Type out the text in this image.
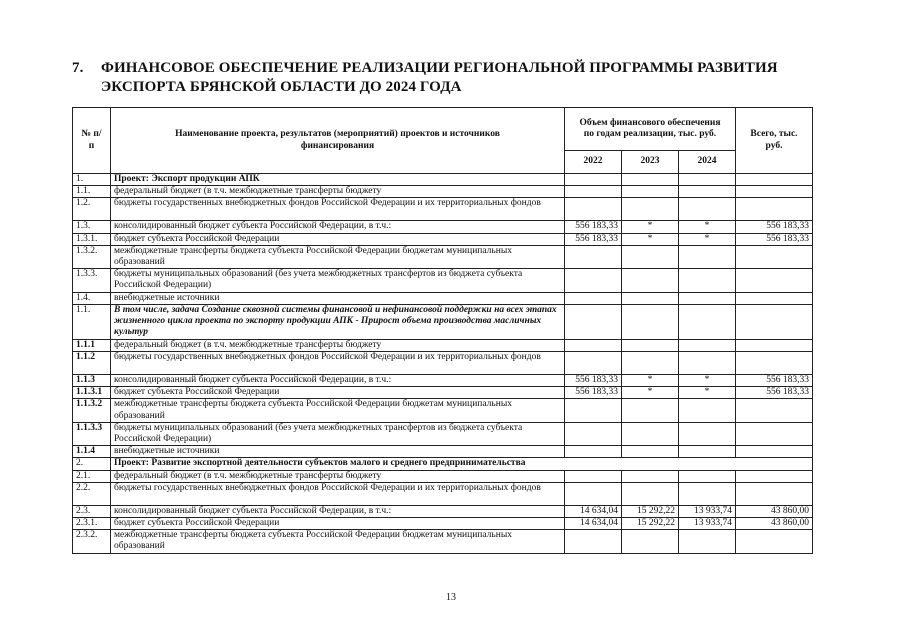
7. ФИНАНСОВОЕ ОБЕСПЕЧЕНИЕ РЕАЛИЗАЦИИ РЕГИОНАЛЬНОЙ ПРОГРАММЫ РАЗВИТИЯ
ЭКСПОРТА БРЯНСКОЙ ОБЛАСТИ ДО 2024 ГОДА
№ п/п	Наименование проекта, результатов (мероприятий) проектов и источников финансирования	Объем финансового обеспечения по годам реализации, тыс. руб.			Всего, тыс. руб.
		2022	2023	2024	
1.	Проект: Экспорт продукции АПК				
1.1.	федеральный бюджет (в т.ч. межбюджетные трансферты бюджету				
1.2.	бюджеты государственных внебюджетных фондов Российской Федерации и их территориальных фондов				
1.3.	консолидированный бюджет субъекта Российской Федерации, в т.ч.:	556 183,33	*	*	556 183,33
1.3.1.	бюджет субъекта Российской Федерации	556 183,33	*	*	556 183,33
1.3.2.	межбюджетные трансферты бюджета субъекта Российской Федерации бюджетам муниципальных образований				
1.3.3.	бюджеты муниципальных образований (без учета межбюджетных трансфертов из бюджета субъекта Российской Федерации)				
1.4.	внебюджетные источники				
1.1.	В том числе, задача Создание сквозной системы финансовой и нефинансовой поддержки на всех этапах жизненного цикла проекта по экспорту продукции АПК - Прирост объема производства масличных культур				
1.1.1	федеральный бюджет (в т.ч. межбюджетные трансферты бюджету				
1.1.2	бюджеты государственных внебюджетных фондов Российской Федерации и их территориальных фондов				
1.1.3	консолидированный бюджет субъекта Российской Федерации, в т.ч.:	556 183,33	*	*	556 183,33
1.1.3.1	бюджет субъекта Российской Федерации	556 183,33	*	*	556 183,33
1.1.3.2	межбюджетные трансферты бюджета субъекта Российской Федерации бюджетам муниципальных образований				
1.1.3.3	бюджеты муниципальных образований (без учета межбюджетных трансфертов из бюджета субъекта Российской Федерации)				
1.1.4	внебюджетные источники				
2.	Проект: Развитие экспортной деятельности субъектов малого и среднего предпринимательства				
2.1.	федеральный бюджет (в т.ч. межбюджетные трансферты бюджету				
2.2.	бюджеты государственных внебюджетных фондов Российской Федерации и их территориальных фондов				
2.3.	консолидированный бюджет субъекта Российской Федерации, в т.ч.:	14 634,04	15 292,22	13 933,74	43 860,00
2.3.1.	бюджет субъекта Российской Федерации	14 634,04	15 292,22	13 933,74	43 860,00
2.3.2.	межбюджетные трансферты бюджета субъекта Российской Федерации бюджетам муниципальных образований				
13
